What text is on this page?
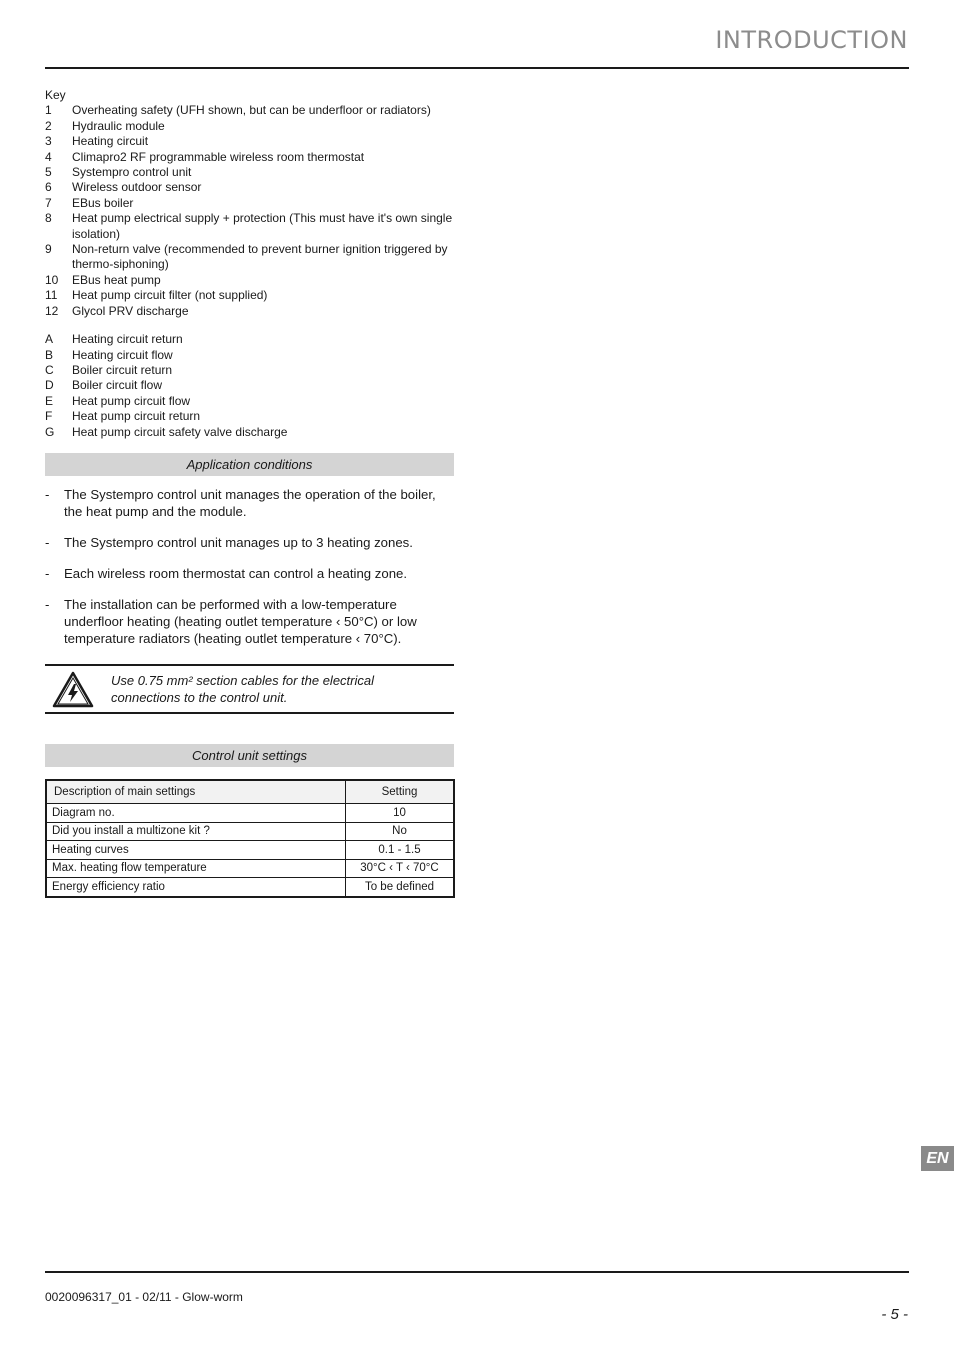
INTRODUCTION
Key
1	Overheating safety (UFH shown, but can be underfloor or radiators)
2	Hydraulic module
3	Heating circuit
4	Climapro2 RF programmable wireless room thermostat
5	Systempro control unit
6	Wireless outdoor sensor
7	EBus boiler
8	Heat pump electrical supply + protection (This must have it's own single isolation)
9	Non-return valve (recommended to prevent burner ignition triggered by thermo-siphoning)
10	EBus heat pump
11	Heat pump circuit filter (not supplied)
12	Glycol PRV discharge
A	Heating circuit return
B	Heating circuit flow
C	Boiler circuit return
D	Boiler circuit flow
E	Heat pump circuit flow
F	Heat pump circuit return
G	Heat pump circuit safety valve discharge
Application conditions
-	The Systempro control unit manages the operation of the boiler, the heat pump and the module.
-	The Systempro control unit manages up to 3 heating zones.
-	Each wireless room thermostat can control a heating zone.
-	The installation can be performed with a low-temperature underfloor heating (heating outlet temperature ‹ 50°C) or low temperature radiators (heating outlet temperature ‹ 70°C).
Use 0.75 mm² section cables for the electrical connections to the control unit.
Control unit settings
Description of main settings	Setting
Diagram no.	10
Did you install a multizone kit ?	No
Heating curves	0.1 - 1.5
Max. heating flow temperature	30°C ‹ T ‹ 70°C
Energy efficiency ratio	To be defined
EN
0020096317_01 - 02/11 - Glow-worm
- 5 -
